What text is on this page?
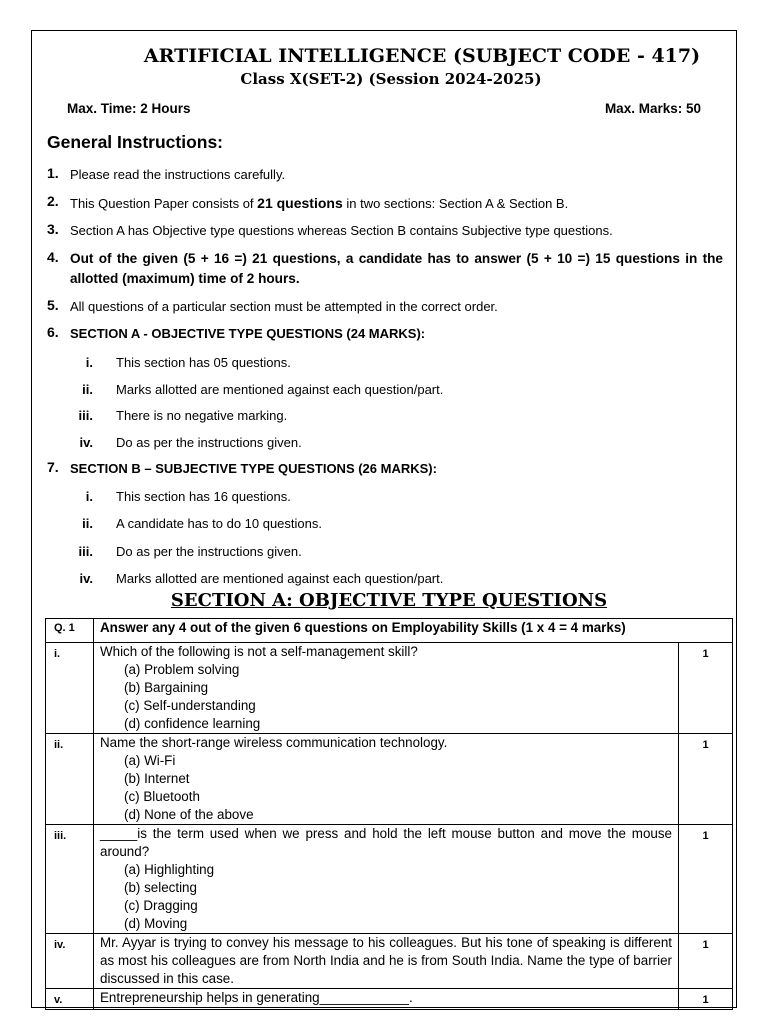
ARTIFICIAL INTELLIGENCE (SUBJECT CODE - 417)
Class X(SET-2) (Session 2024-2025)
Max. Time: 2 Hours	Max. Marks: 50
General Instructions:
1. Please read the instructions carefully.
2. This Question Paper consists of 21 questions in two sections: Section A & Section B.
3. Section A has Objective type questions whereas Section B contains Subjective type questions.
4. Out of the given (5 + 16 =) 21 questions, a candidate has to answer (5 + 10 =) 15 questions in the allotted (maximum) time of 2 hours.
5. All questions of a particular section must be attempted in the correct order.
6. SECTION A - OBJECTIVE TYPE QUESTIONS (24 MARKS):
i. This section has 05 questions.
ii. Marks allotted are mentioned against each question/part.
iii. There is no negative marking.
iv. Do as per the instructions given.
7. SECTION B – SUBJECTIVE TYPE QUESTIONS (26 MARKS):
i. This section has 16 questions.
ii. A candidate has to do 10 questions.
iii. Do as per the instructions given.
iv. Marks allotted are mentioned against each question/part.
SECTION A: OBJECTIVE TYPE QUESTIONS
Q. 1	Answer any 4 out of the given 6 questions on Employability Skills (1 x 4 = 4 marks)	
i.	Which of the following is not a self-management skill?
(a) Problem solving
(b) Bargaining
(c) Self-understanding
(d) confidence learning	1
ii.	Name the short-range wireless communication technology.
(a) Wi-Fi
(b) Internet
(c) Bluetooth
(d) None of the above	1
iii.	_____is the term used when we press and hold the left mouse button and move the mouse around?
(a) Highlighting
(b) selecting
(c) Dragging
(d) Moving	1
iv.	Mr. Ayyar is trying to convey his message to his colleagues. But his tone of speaking is different as most his colleagues are from North India and he is from South India. Name the type of barrier discussed in this case.	1
v.	Entrepreneurship helps in generating____________.	1
